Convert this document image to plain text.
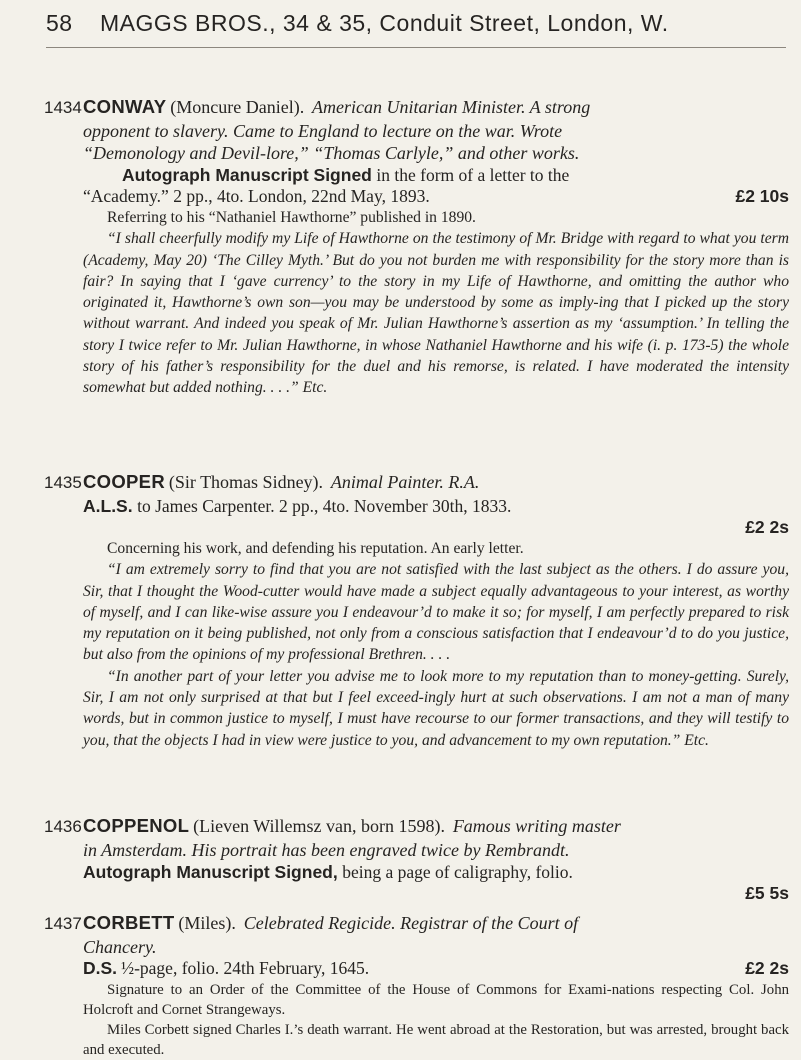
58 MAGGS BROS., 34 & 35, Conduit Street, London, W.
1434 CONWAY
(Moncure Daniel).
American Unitarian Minister. A strong
opponent to slavery. Came to England to lecture on the war. Wrote
“Demonology and Devil-lore,” “Thomas Carlyle,” and other works.
Autograph Manuscript Signed in the form of a letter to the
“Academy.” 2 pp., 4to. London, 22nd May, 1893.	£2 10s

Referring to his “Nathaniel Hawthorne” published in 1890.

“I shall cheerfully modify my Life of Hawthorne on the testimony of Mr. Bridge with regard to what you term (Academy, May 20) ‘The Cilley Myth.’ But do you not burden me with responsibility for the story more than is fair? In saying that I ‘gave currency’ to the story in my Life of Hawthorne, and omitting the author who originated it, Hawthorne’s own son—you may be understood by some as imply-ing that I picked up the story without warrant. And indeed you speak of Mr. Julian Hawthorne’s assertion as my ‘assumption.’ In telling the story I twice refer to Mr. Julian Hawthorne, in whose Nathaniel Hawthorne and his wife (i. p. 173-5) the whole story of his father’s responsibility for the duel and his remorse, is related. I have moderated the intensity somewhat but added nothing. . . .” Etc.

1435 COOPER
(Sir Thomas Sidney).
Animal Painter. R.A.
A.L.S. to James Carpenter. 2 pp., 4to. November 30th, 1833.
£2 2s

Concerning his work, and defending his reputation. An early letter.

“I am extremely sorry to find that you are not satisfied with the last subject as the others. I do assure you, Sir, that I thought the Wood-cutter would have made a subject equally advantageous to your interest, as worthy of myself, and I can like-wise assure you I endeavour’d to make it so; for myself, I am perfectly prepared to risk my reputation on it being published, not only from a conscious satisfaction that I endeavour’d to do you justice, but also from the opinions of my professional Brethren. . . .

“In another part of your letter you advise me to look more to my reputation than to money-getting. Surely, Sir, I am not only surprised at that but I feel exceed-ingly hurt at such observations. I am not a man of many words, but in common justice to myself, I must have recourse to our former transactions, and they will testify to you, that the objects I had in view were justice to you, and advancement to my own reputation.” Etc.

1436 COPPENOL
(Lieven Willemsz van, born 1598).
Famous writing master
in Amsterdam. His portrait has been engraved twice by Rembrandt.
Autograph Manuscript Signed, being a page of caligraphy, folio.
£5 5s
1437 CORBETT
(Miles).
Celebrated Regicide. Registrar of the Court of
Chancery.
D.S. ½-page, folio. 24th February, 1645.	£2 2s

Signature to an Order of the Committee of the House of Commons for Exami-nations respecting Col. John Holcroft and Cornet Strangeways.

Miles Corbett signed Charles I.’s death warrant. He went abroad at the Restoration, but was arrested, brought back and executed.
